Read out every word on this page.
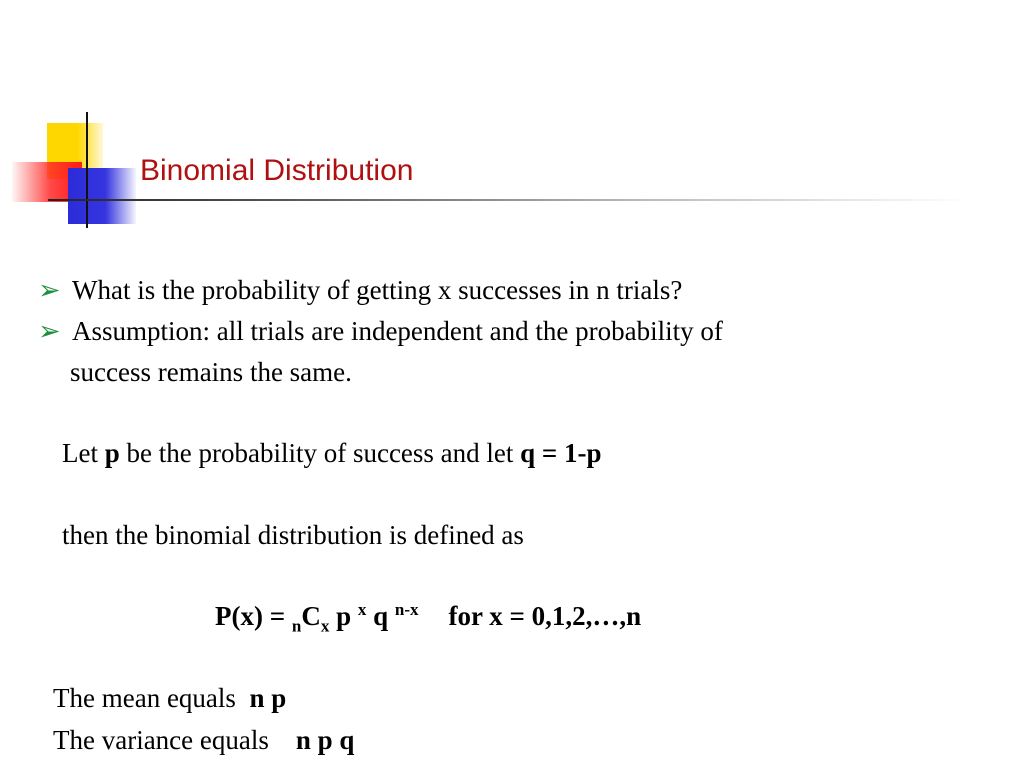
Binomial Distribution
➢ What is the probability of getting x successes in n trials?
➢ Assumption: all trials are independent and the probability of
success remains the same.
Let p be the probability of success and let q = 1-p
then the binomial distribution is defined as
$P(x) = _nC_x$ p $^x$ q $^{n-x}$ for x = 0,1,2,…,n
The mean equals  n p
The variance equals    n p q
